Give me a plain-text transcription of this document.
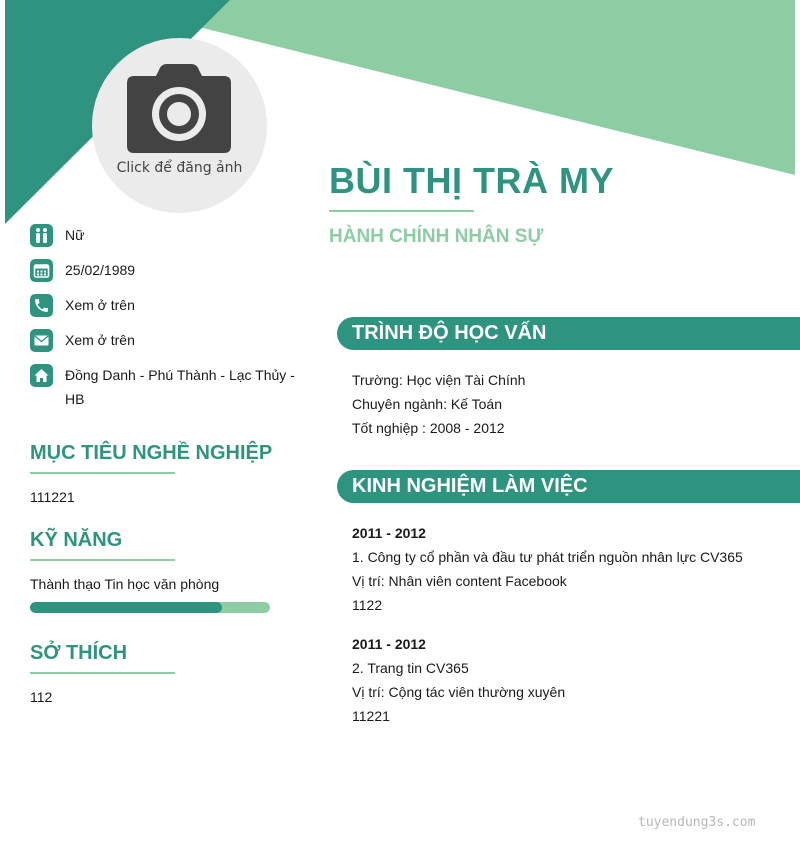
Click để đăng ảnh	BÙI THỊ TRÀ MY
HÀNH CHÍNH NHÂN SỰ
Nữ
25/02/1989
Xem ở trên
Xem ở trên
Đồng Danh - Phú Thành - Lạc Thủy - HB
MỤC TIÊU NGHỀ NGHIỆP
111221
KỸ NĂNG
Thành thạo Tin học văn phòng
SỞ THÍCH
112
TRÌNH ĐỘ HỌC VẤN
Trường: Học viện Tài Chính
Chuyên ngành: Kế Toán
Tốt nghiệp : 2008 - 2012
KINH NGHIỆM LÀM VIỆC
2011 - 2012
1. Công ty cổ phần và đầu tư phát triển nguồn nhân lực CV365
Vị trí: Nhân viên content Facebook
1122
2011 - 2012
2. Trang tin CV365
Vị trí: Cộng tác viên thường xuyên
11221
tuyendung3s.com
